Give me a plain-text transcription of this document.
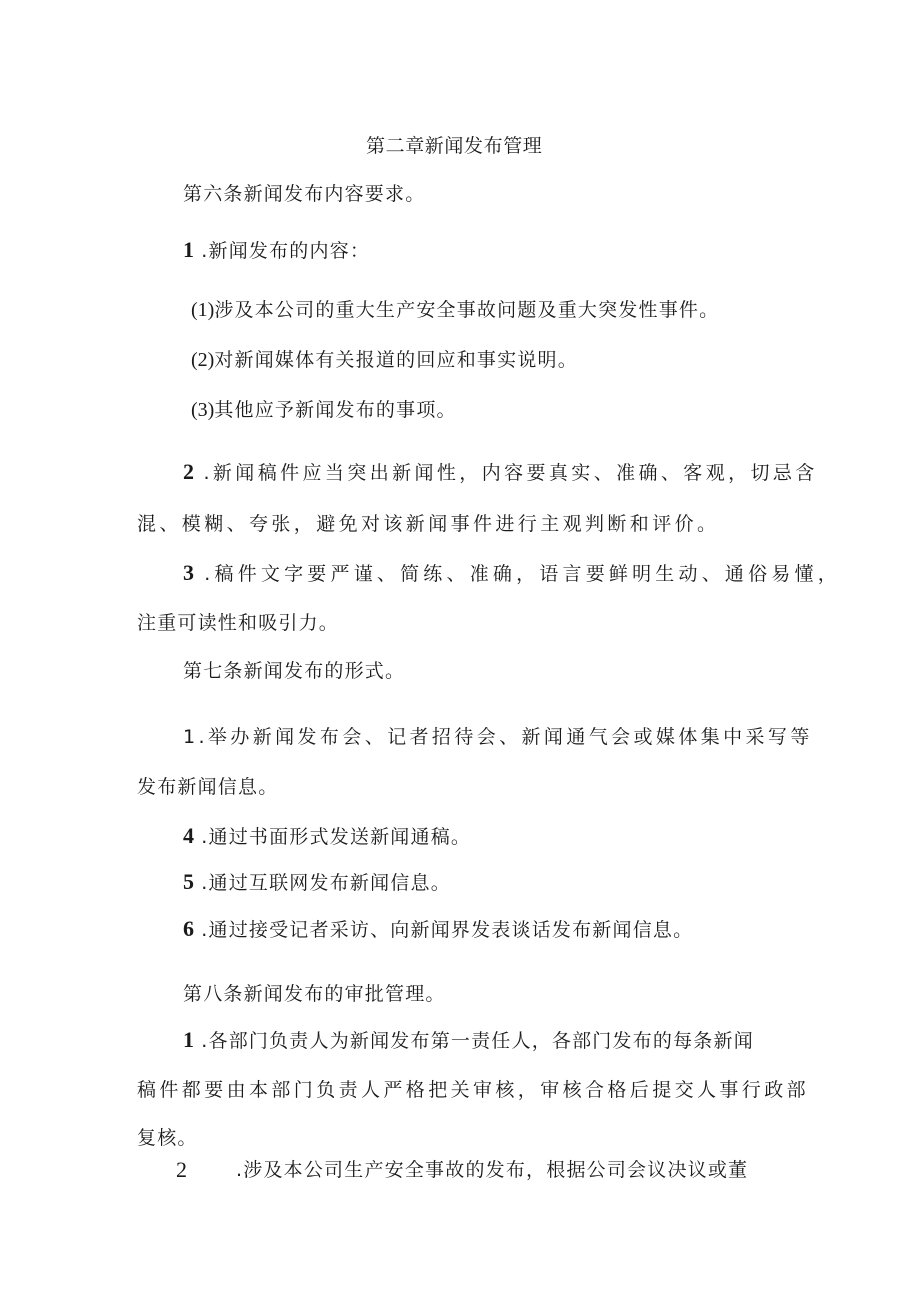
第二章新闻发布管理
第六条新闻发布内容要求。
1 .新闻发布的内容：
(1)涉及本公司的重大生产安全事故问题及重大突发性事件。
(2)对新闻媒体有关报道的回应和事实说明。
(3)其他应予新闻发布的事项。
2 .新闻稿件应当突出新闻性，内容要真实、准确、客观，切忌含
混、模糊、夸张，避免对该新闻事件进行主观判断和评价。
3 .稿件文字要严谨、简练、准确，语言要鲜明生动、通俗易懂，
注重可读性和吸引力。
第七条新闻发布的形式。
1.举办新闻发布会、记者招待会、新闻通气会或媒体集中采写等
发布新闻信息。
4 .通过书面形式发送新闻通稿。
5 .通过互联网发布新闻信息。
6 .通过接受记者采访、向新闻界发表谈话发布新闻信息。
第八条新闻发布的审批管理。
1 .各部门负责人为新闻发布第一责任人，各部门发布的每条新闻
稿件都要由本部门负责人严格把关审核，审核合格后提交人事行政部
复核。
2	.涉及本公司生产安全事故的发布，根据公司会议决议或董
